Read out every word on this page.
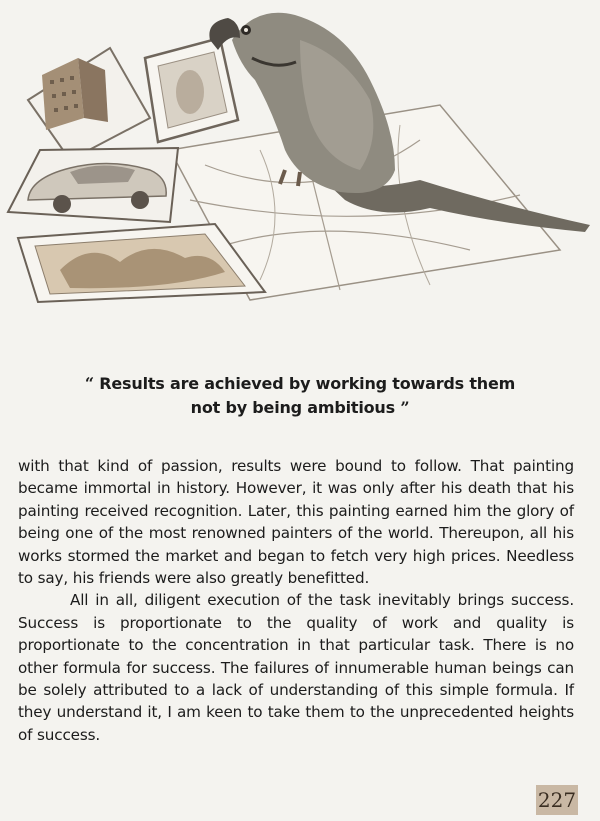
“ Results are achieved by working towards them
not by being ambitious ”

with that kind of passion, results were bound to follow. That painting became immortal in history. However, it was only after his death that his painting received recognition. Later, this painting earned him the glory of being one of the most renowned painters of the world. Thereupon, all his works stormed the market and began to fetch very high prices. Needless to say, his friends were also greatly benefitted.

All in all, diligent execution of the task inevitably brings success. Success is proportionate to the quality of work and quality is proportionate to the concentration in that particular task. There is no other formula for success. The failures of innumerable human beings can be solely attributed to a lack of understanding of this simple formula. If they understand it, I am keen to take them to the unprecedented heights of success.

227
